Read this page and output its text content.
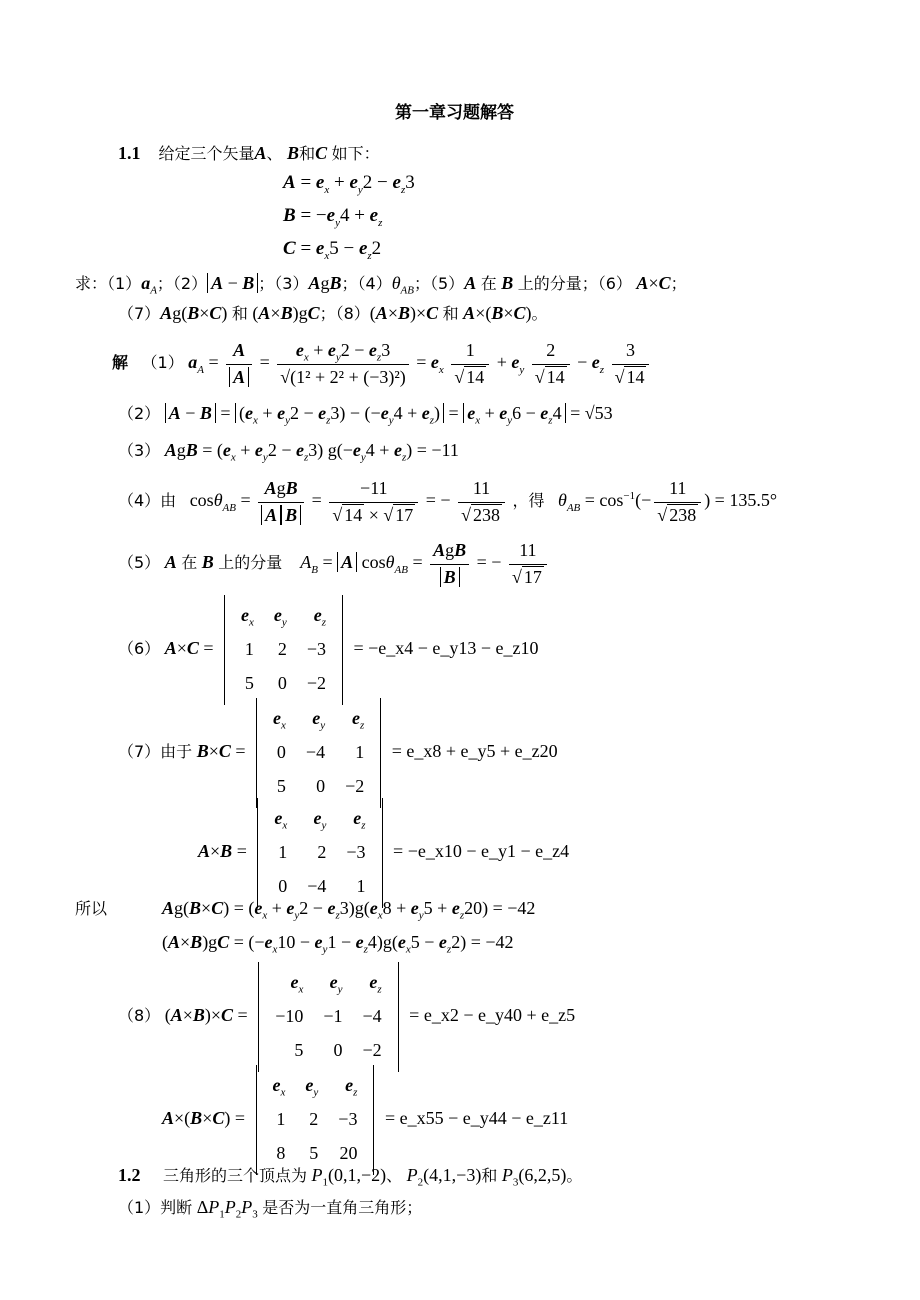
第一章习题解答
1.1 给定三个矢量A、 B和C 如下：
$A = e_x + e_y2 - e_z3$
$B = -e_y4 + e_z$
$C = e_x5 - e_z2$
求：$(1)a_A$；（2） A − B ；（3）AgB；$(4)\theta_{AB}$；（5）A 在 B 上的分量；（6） A×C；
（7）Ag(B×C) 和 (A×B)gC；（8）(A×B)×C 和 A×(B×C)。
解 （1） $a_A = \frac{A}{A} = \frac{e_x + e_y2 - e_z3}{\text{√(1² + 2² + (−3)²)}} = e_x \frac{1}{√ 14} + e_y \frac{2}{√ 14} - e_z \frac{3}{√ 14}$
（2） $A - B = (e_x + e_y2 - e_z3) - (-e_y4 + e_z) = e_x + e_y6 - e_z4 = √53$
（3） AgB = $(e_x + e_y2 - e_z3) g(-e_y4 + e_z) = -11$
（4）由   $\cos\theta_{AB} = \frac{\text{AgB}}{\text{A B}} = \frac{-11}{√ 14 \times √ 17}$ = − $\frac{11}{√ 238}$ ，得 $\theta_{AB} = \cos^{-1}(- \frac{11}{√ 238}$ ) = 135.5°
（5） A 在 B 上的分量 $A_B = A$ $\cos\theta_{AB} = \frac{\text{AgB}}{B}$ = − $\frac{11}{√ 17}$
（6） A×C =
$e_x$	$e_y$	$e_z$
1	2	−3
5	0	−2
= −e_x4 − e_y13 − e_z10
（7）由于 B×C =
$e_x$	$e_y$	$e_z$
0	−4	1
5	0	−2
= e_x8 + e_y5 + e_z20
A×B =
$e_x$	$e_y$	$e_z$
1	2	−3
0	−4	1
= −e_x10 − e_y1 − e_z4
所以	$Ag(B\times C) = (e_x + e_y2 - e_z3)g(e_x8 + e_y5 + e_z20) = -42$
$(A\times B)gC = (-e_x10 - e_y1 - e_z4)g(e_x5 - e_z2) = -42$
（8） (A×B)×C =
$e_x$	$e_y$	$e_z$
−10	−1	−4
5	0	−2
= e_x2 − e_y40 + e_z5
A×(B×C) =
$e_x$	$e_y$	$e_z$
1	2	−3
8	5	20
= e_x55 − e_y44 − e_z11
1.2 三角形的三个顶点为 $P_1(0,1,-2)$、 $P_2(4,1,-3)$和 $P_3(6,2,5)$。
（1）判断 $\Delta P_1P_2P_3$ 是否为一直角三角形；
